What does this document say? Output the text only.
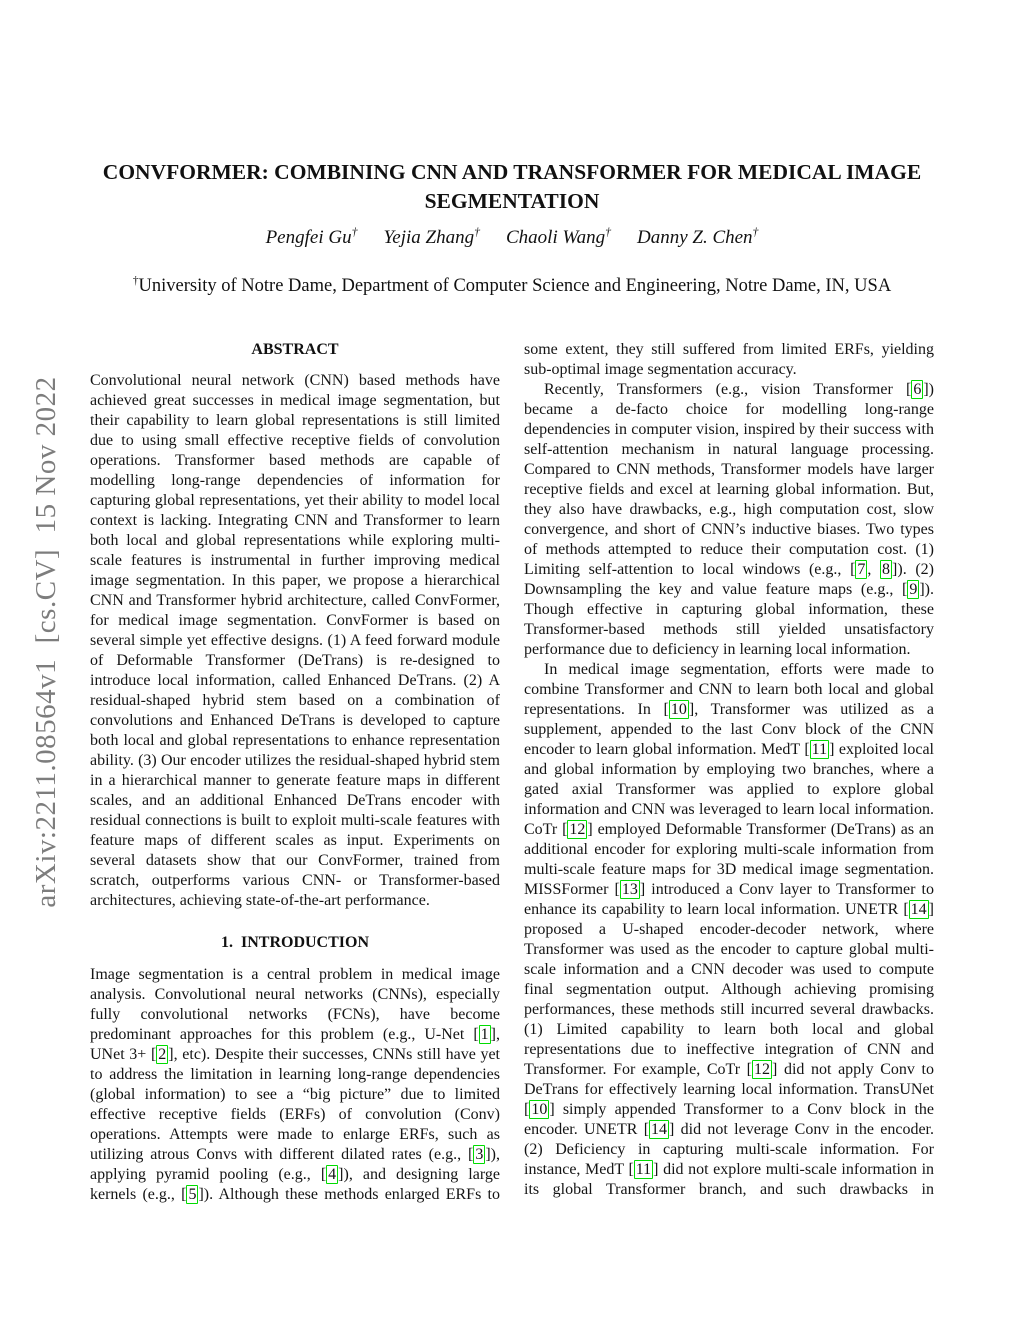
arXiv:2211.08564v1  [cs.CV]  15 Nov 2022
CONVFORMER: COMBINING CNN AND TRANSFORMER FOR MEDICAL IMAGE SEGMENTATION
Pengfei Gu† Yejia Zhang† Chaoli Wang† Danny Z. Chen†
†University of Notre Dame, Department of Computer Science and Engineering, Notre Dame, IN, USA
ABSTRACT

Convolutional neural network (CNN) based methods have achieved great successes in medical image segmentation, but their capability to learn global representations is still limited due to using small effective receptive fields of convolution operations. Transformer based methods are capable of modelling long-range dependencies of information for capturing global representations, yet their ability to model local context is lacking. Integrating CNN and Transformer to learn both local and global representations while exploring multi-scale features is instrumental in further improving medical image segmentation. In this paper, we propose a hierarchical CNN and Transformer hybrid architecture, called ConvFormer, for medical image segmentation. ConvFormer is based on several simple yet effective designs. (1) A feed forward module of Deformable Transformer (DeTrans) is re-designed to introduce local information, called Enhanced DeTrans. (2) A residual-shaped hybrid stem based on a combination of convolutions and Enhanced DeTrans is developed to capture both local and global representations to enhance representation ability. (3) Our encoder utilizes the residual-shaped hybrid stem in a hierarchical manner to generate feature maps in different scales, and an additional Enhanced DeTrans encoder with residual connections is built to exploit multi-scale features with feature maps of different scales as input. Experiments on several datasets show that our ConvFormer, trained from scratch, outperforms various CNN- or Transformer-based architectures, achieving state-of-the-art performance.

1.  INTRODUCTION

Image segmentation is a central problem in medical image analysis. Convolutional neural networks (CNNs), especially fully convolutional networks (FCNs), have become predominant approaches for this problem (e.g., U-Net [ 1 ], UNet 3+ [ 2 ], etc). Despite their successes, CNNs still have yet to address the limitation in learning long-range dependencies (global information) to see a “big picture” due to limited effective receptive fields (ERFs) of convolution (Conv) operations. Attempts were made to enlarge ERFs, such as utilizing atrous Convs with different dilated rates (e.g., [ 3 ]), applying pyramid pooling (e.g., [ 4 ]), and designing large kernels (e.g., [ 5 ]). Although these methods enlarged ERFs to

some extent, they still suffered from limited ERFs, yielding sub-optimal image segmentation accuracy.

Recently, Transformers (e.g., vision Transformer [ 6 ]) became a de-facto choice for modelling long-range dependencies in computer vision, inspired by their success with self-attention mechanism in natural language processing. Compared to CNN methods, Transformer models have larger receptive fields and excel at learning global information. But, they also have drawbacks, e.g., high computation cost, slow convergence, and short of CNN’s inductive biases. Two types of methods attempted to reduce their computation cost. (1) Limiting self-attention to local windows (e.g., [ 7 , 8 ]). (2) Downsampling the key and value feature maps (e.g., [ 9 ]). Though effective in capturing global information, these Transformer-based methods still yielded unsatisfactory performance due to deficiency in learning local information.

In medical image segmentation, efforts were made to combine Transformer and CNN to learn both local and global representations. In [ 10 ], Transformer was utilized as a supplement, appended to the last Conv block of the CNN encoder to learn global information. MedT [ 11 ] exploited local and global information by employing two branches, where a gated axial Transformer was applied to explore global information and CNN was leveraged to learn local information. CoTr [ 12 ] employed Deformable Transformer (DeTrans) as an additional encoder for exploring multi-scale information from multi-scale feature maps for 3D medical image segmentation. MISSFormer [ 13 ] introduced a Conv layer to Transformer to enhance its capability to learn local information. UNETR [ 14 ] proposed a U-shaped encoder-decoder network, where Transformer was used as the encoder to capture global multi-scale information and a CNN decoder was used to compute final segmentation output. Although achieving promising performances, these methods still incurred several drawbacks. (1) Limited capability to learn both local and global representations due to ineffective integration of CNN and Transformer. For example, CoTr [ 12 ] did not apply Conv to DeTrans for effectively learning local information. TransUNet [ 10 ] simply appended Transformer to a Conv block in the encoder. UNETR [ 14 ] did not leverage Conv in the encoder. (2) Deficiency in capturing multi-scale information. For instance, MedT [ 11 ] did not explore multi-scale information in its global Transformer branch, and such drawbacks in
